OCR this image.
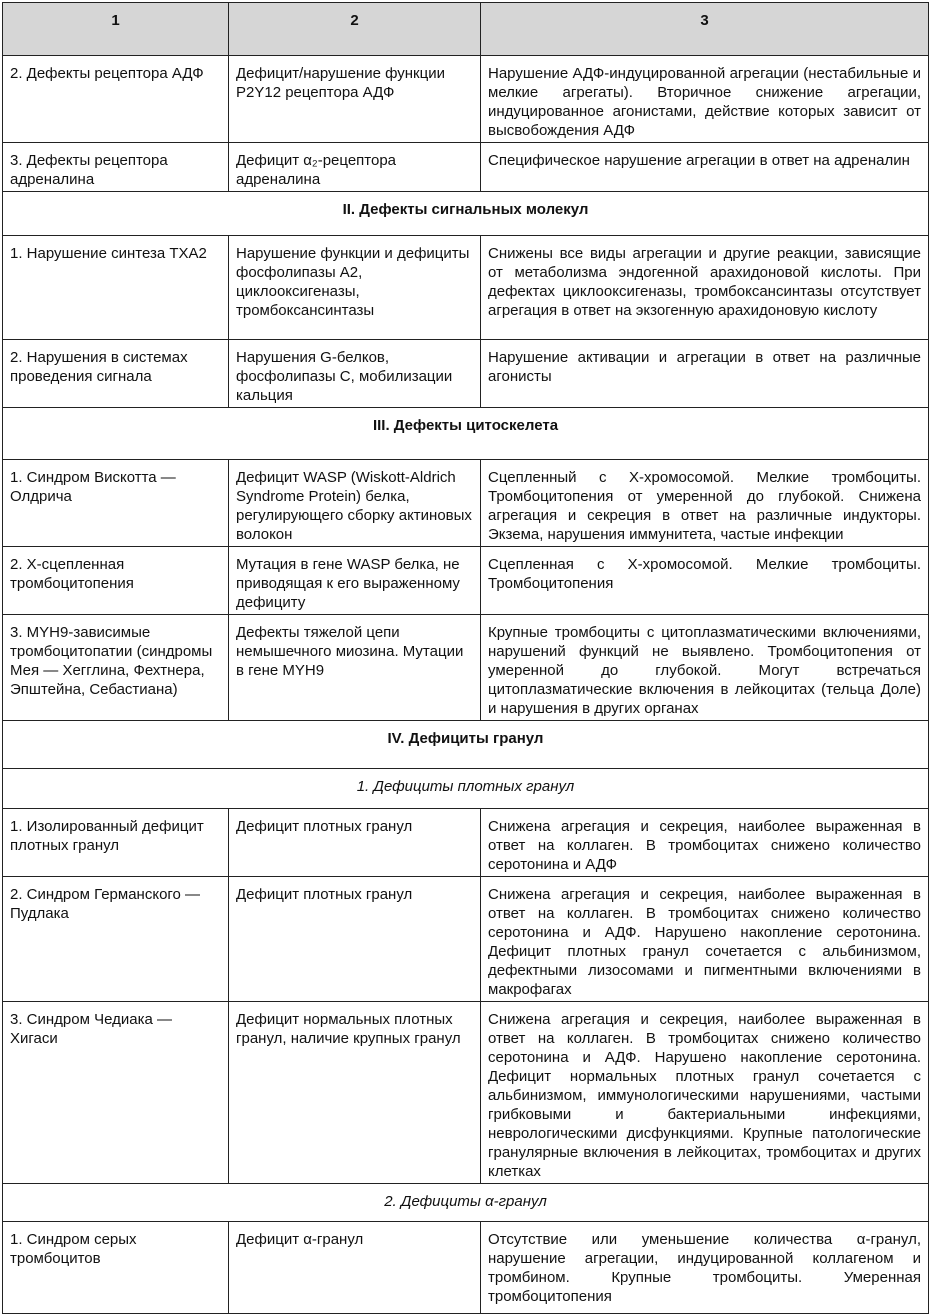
1	2	3
2. Дефекты рецептора АДФ	Дефицит/нарушение функции P2Y12 рецептора АДФ	Нарушение АДФ-индуцированной агрегации (нестабильные и мелкие агрегаты). Вторичное снижение агрегации, индуцированное агонистами, действие которых зависит от высвобождения АДФ
3. Дефекты рецептора адреналина	Дефицит α₂-рецептора адреналина	Специфическое нарушение агрегации в ответ на адреналин
II. Дефекты сигнальных молекул		
1. Нарушение синтеза ТХА2	Нарушение функции и дефициты фосфолипазы А2, циклооксигеназы, тромбоксансинтазы	Снижены все виды агрегации и другие реакции, зависящие от метаболизма эндогенной арахидоновой кислоты. При дефектах циклооксигеназы, тромбоксансинтазы отсутствует агрегация в ответ на экзогенную арахидоновую кислоту
2. Нарушения в системах проведения сигнала	Нарушения G-белков, фосфолипазы С, мобилизации кальция	Нарушение активации и агрегации в ответ на различные агонисты
III. Дефекты цитоскелета		
1. Синдром Вискотта — Олдрича	Дефицит WASP (Wiskott-Aldrich Syndrome Protein) белка, регулирующего сборку актиновых волокон	Сцепленный с Х-хромосомой. Мелкие тромбоциты. Тромбоцитопения от умеренной до глубокой. Снижена агрегация и секреция в ответ на различные индукторы. Экзема, нарушения иммунитета, частые инфекции
2. Х-сцепленная тромбоцитопения	Мутация в гене WASP белка, не приводящая к его выраженному дефициту	Сцепленная с Х-хромосомой. Мелкие тромбоциты. Тромбоцитопения
3. MYH9-зависимые тромбоцитопатии (синдромы Мея — Хегглина, Фехтнера, Эпштейна, Себастиана)	Дефекты тяжелой цепи немышечного миозина. Мутации в гене MYH9	Крупные тромбоциты с цитоплазматическими включениями, нарушений функций не выявлено. Тромбоцитопения от умеренной до глубокой. Могут встречаться цитоплазматические включения в лейкоцитах (тельца Доле) и нарушения в других органах
IV. Дефициты гранул		
1. Дефициты плотных гранул		
1. Изолированный дефицит плотных гранул	Дефицит плотных гранул	Снижена агрегация и секреция, наиболее выраженная в ответ на коллаген. В тромбоцитах снижено количество серотонина и АДФ
2. Синдром Германского — Пудлака	Дефицит плотных гранул	Снижена агрегация и секреция, наиболее выраженная в ответ на коллаген. В тромбоцитах снижено количество серотонина и АДФ. Нарушено накопление серотонина. Дефицит плотных гранул сочетается с альбинизмом, дефектными лизосомами и пигментными включениями в макрофагах
3. Синдром Чедиака — Хигаси	Дефицит нормальных плотных гранул, наличие крупных гранул	Снижена агрегация и секреция, наиболее выраженная в ответ на коллаген. В тромбоцитах снижено количество серотонина и АДФ. Нарушено накопление серотонина. Дефицит нормальных плотных гранул сочетается с альбинизмом, иммунологическими нарушениями, частыми грибковыми и бактериальными инфекциями, неврологическими дисфункциями. Крупные патологические гранулярные включения в лейкоцитах, тромбоцитах и других клетках
2. Дефициты α-гранул		
1. Синдром серых тромбоцитов	Дефицит α-гранул	Отсутствие или уменьшение количества α-гранул, нарушение агрегации, индуцированной коллагеном и тромбином. Крупные тромбоциты. Умеренная тромбоцитопения
